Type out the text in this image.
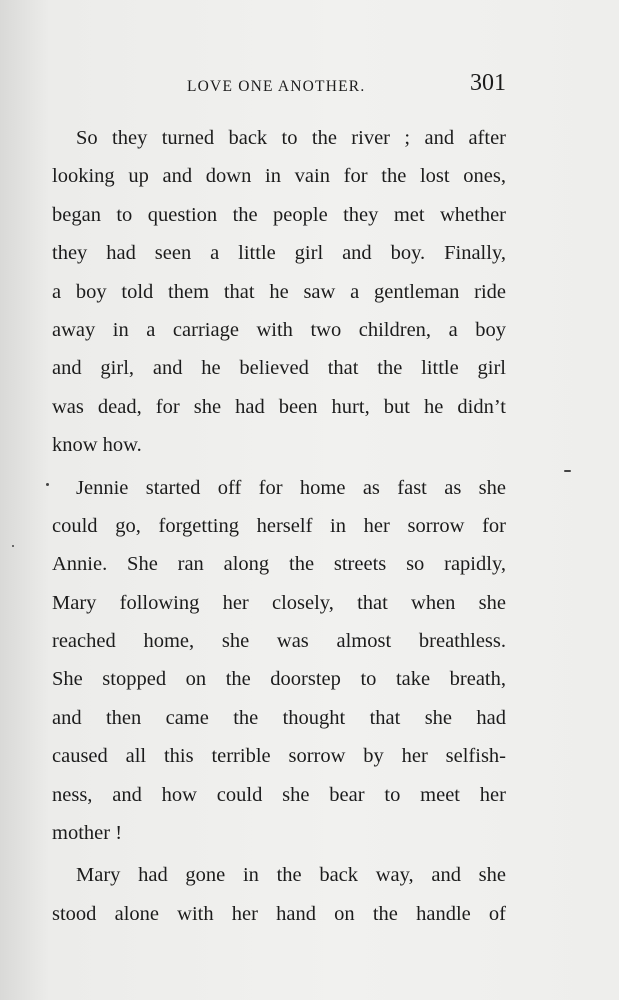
LOVE ONE ANOTHER.	301
So they turned back to the river ; and after
looking up and down in vain for the lost ones,
began to question the people they met whether
they had seen a little girl and boy. Finally,
a boy told them that he saw a gentleman ride
away in a carriage with two children, a boy
and girl, and he believed that the little girl
was dead, for she had been hurt, but he didn’t
know how.
Jennie started off for home as fast as she
could go, forgetting herself in her sorrow for
Annie. She ran along the streets so rapidly,
Mary following her closely, that when she
reached home, she was almost breathless.
She stopped on the doorstep to take breath,
and then came the thought that she had
caused all this terrible sorrow by her selfish-
ness, and how could she bear to meet her
mother !
Mary had gone in the back way, and she
stood alone with her hand on the handle of
